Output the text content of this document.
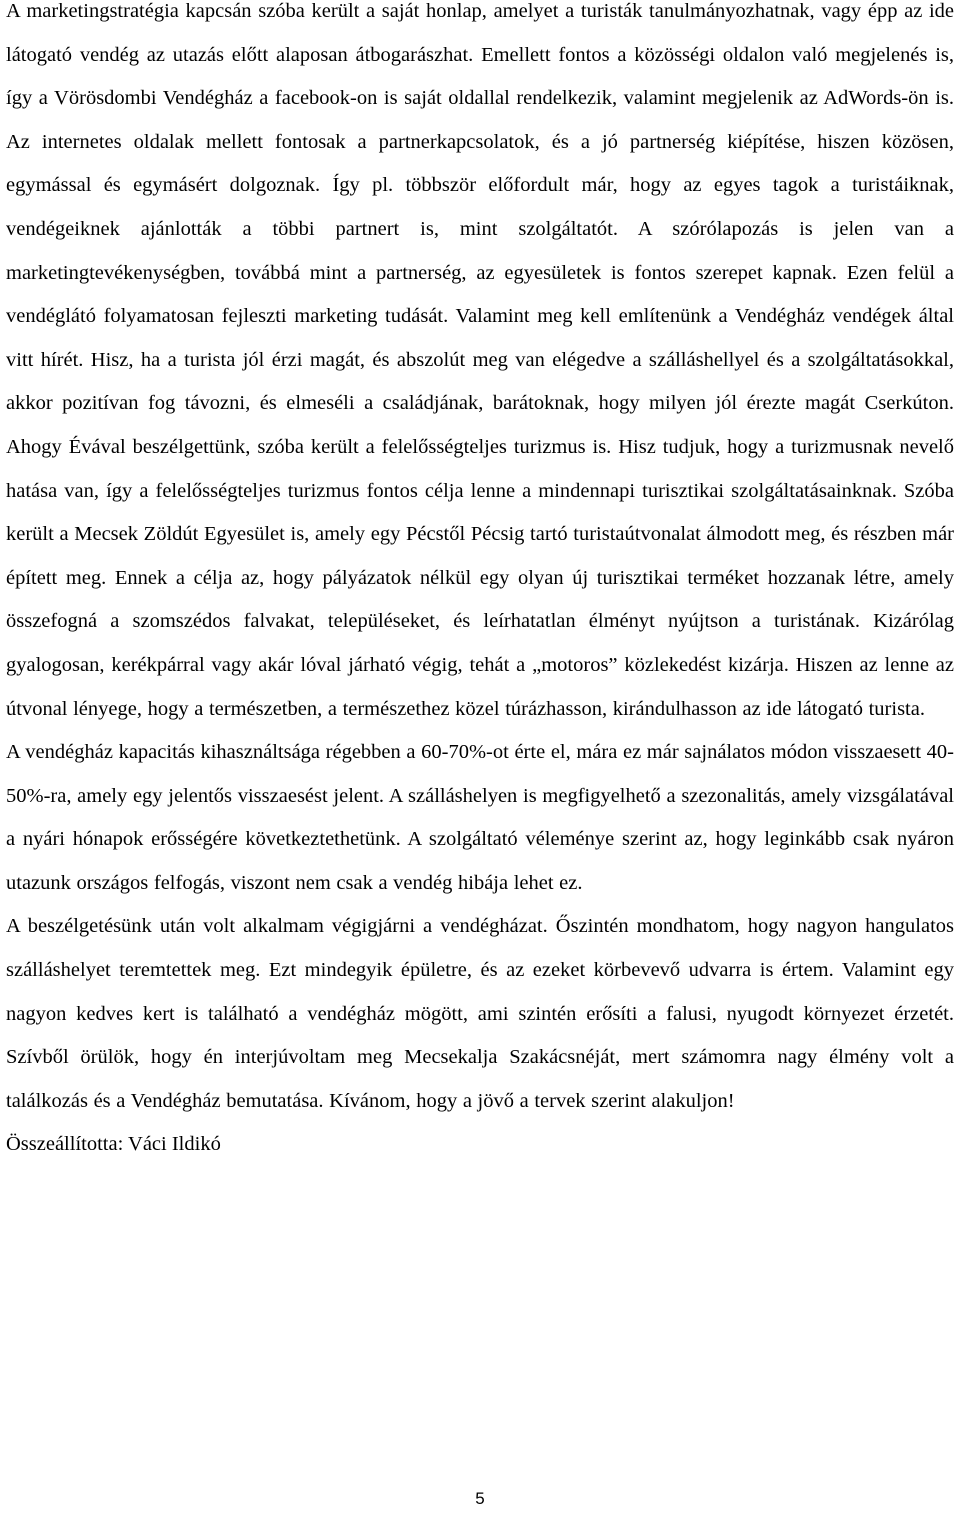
A marketingstratégia kapcsán szóba került a saját honlap, amelyet a turisták tanulmányozhatnak, vagy épp az ide látogató vendég az utazás előtt alaposan átbogarászhat. Emellett fontos a közösségi oldalon való megjelenés is, így a Vörösdombi Vendégház a facebook-on is saját oldallal rendelkezik, valamint megjelenik az AdWords-ön is. Az internetes oldalak mellett fontosak a partnerkapcsolatok, és a jó partnerség kiépítése, hiszen közösen, egymással és egymásért dolgoznak. Így pl. többször előfordult már, hogy az egyes tagok a turistáiknak, vendégeiknek ajánlották a többi partnert is, mint szolgáltatót. A szórólapozás is jelen van a marketingtevékenységben, továbbá mint a partnerség, az egyesületek is fontos szerepet kapnak. Ezen felül a vendéglátó folyamatosan fejleszti marketing tudását. Valamint meg kell említenünk a Vendégház vendégek által vitt hírét. Hisz, ha a turista jól érzi magát, és abszolút meg van elégedve a szálláshellyel és a szolgáltatásokkal, akkor pozitívan fog távozni, és elmeséli a családjának, barátoknak, hogy milyen jól érezte magát Cserkúton. Ahogy Évával beszélgettünk, szóba került a felelősségteljes turizmus is. Hisz tudjuk, hogy a turizmusnak nevelő hatása van, így a felelősségteljes turizmus fontos célja lenne a mindennapi turisztikai szolgáltatásainknak. Szóba került a Mecsek Zöldút Egyesület is, amely egy Pécstől Pécsig tartó turistaútvonalat álmodott meg, és részben már épített meg. Ennek a célja az, hogy pályázatok nélkül egy olyan új turisztikai terméket hozzanak létre, amely összefogná a szomszédos falvakat, településeket, és leírhatatlan élményt nyújtson a turistának. Kizárólag gyalogosan, kerékpárral vagy akár lóval járható végig, tehát a „motoros” közlekedést kizárja. Hiszen az lenne az útvonal lényege, hogy a természetben, a természethez közel túrázhasson, kirándulhasson az ide látogató turista.

A vendégház kapacitás kihasználtsága régebben a 60-70%-ot érte el, mára ez már sajnálatos módon visszaesett 40-50%-ra, amely egy jelentős visszaesést jelent. A szálláshelyen is megfigyelhető a szezonalitás, amely vizsgálatával a nyári hónapok erősségére következtethetünk. A szolgáltató véleménye szerint az, hogy leginkább csak nyáron utazunk országos felfogás, viszont nem csak a vendég hibája lehet ez.

A beszélgetésünk után volt alkalmam végigjárni a vendégházat. Őszintén mondhatom, hogy nagyon hangulatos szálláshelyet teremtettek meg. Ezt mindegyik épületre, és az ezeket körbevevő udvarra is értem. Valamint egy nagyon kedves kert is található a vendégház mögött, ami szintén erősíti a falusi, nyugodt környezet érzetét. Szívből örülök, hogy én interjúvoltam meg Mecsekalja Szakácsnéját, mert számomra nagy élmény volt a találkozás és a Vendégház bemutatása. Kívánom, hogy a jövő a tervek szerint alakuljon!

Összeállította: Váci Ildikó

5
